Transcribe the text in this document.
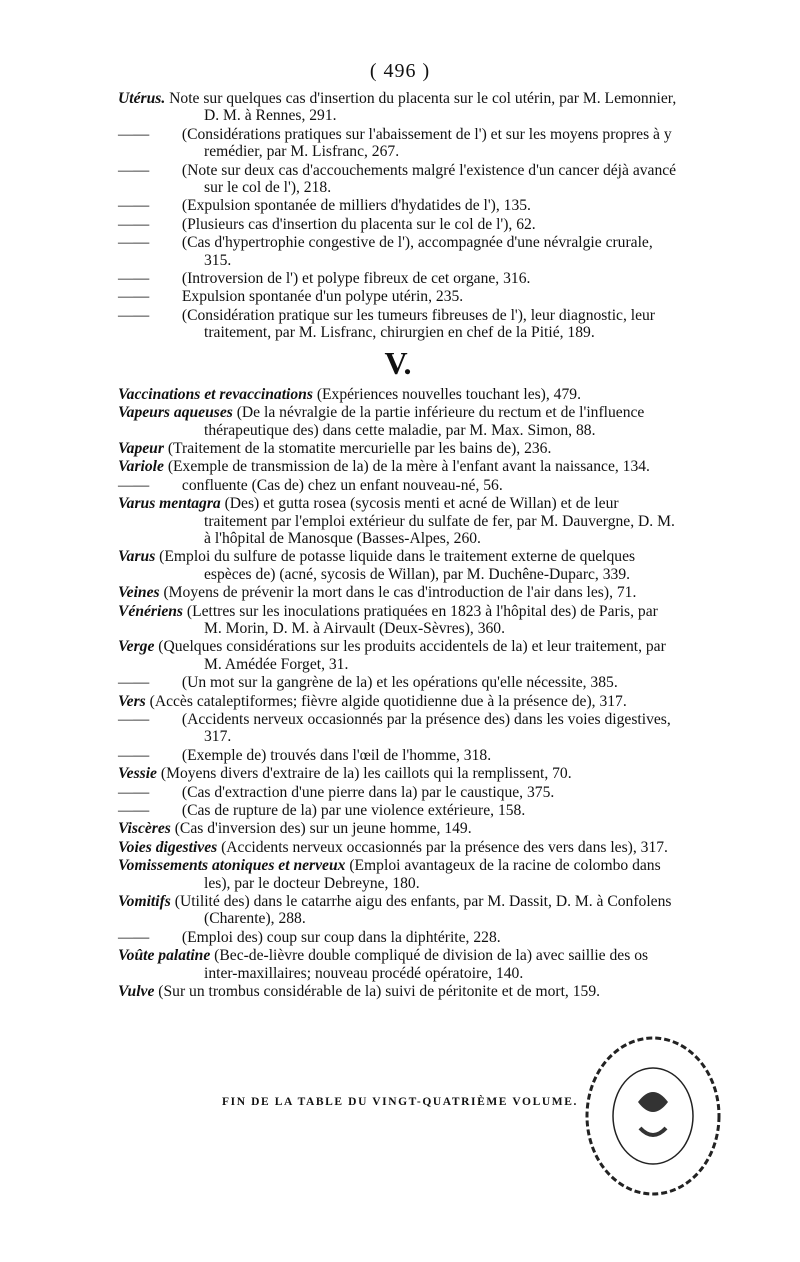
( 496 )
Utérus. Note sur quelques cas d'insertion du placenta sur le col utérin, par M. Lemonnier, D. M. à Rennes, 291.
—— (Considérations pratiques sur l'abaissement de l') et sur les moyens propres à y remédier, par M. Lisfranc, 267.
—— (Note sur deux cas d'accouchements malgré l'existence d'un cancer déjà avancé sur le col de l'), 218.
—— (Expulsion spontanée de milliers d'hydatides de l'), 135.
—— (Plusieurs cas d'insertion du placenta sur le col de l'), 62.
—— (Cas d'hypertrophie congestive de l'), accompagnée d'une névralgie crurale, 315.
—— (Introversion de l') et polype fibreux de cet organe, 316.
—— Expulsion spontanée d'un polype utérin, 235.
—— (Considération pratique sur les tumeurs fibreuses de l'), leur diagnostic, leur traitement, par M. Lisfranc, chirurgien en chef de la Pitié, 189.
V.
Vaccinations et revaccinations (Expériences nouvelles touchant les), 479.
Vapeurs aqueuses (De la névralgie de la partie inférieure du rectum et de l'influence thérapeutique des) dans cette maladie, par M. Max. Simon, 88.
Vapeur (Traitement de la stomatite mercurielle par les bains de), 236.
Variole (Exemple de transmission de la) de la mère à l'enfant avant la naissance, 134.
—— confluente (Cas de) chez un enfant nouveau-né, 56.
Varus mentagra (Des) et gutta rosea (sycosis menti et acné de Willan) et de leur traitement par l'emploi extérieur du sulfate de fer, par M. Dauvergne, D. M. à l'hôpital de Manosque (Basses-Alpes, 260.
Varus (Emploi du sulfure de potasse liquide dans le traitement externe de quelques espèces de) (acné, sycosis de Willan), par M. Duchêne-Duparc, 339.
Veines (Moyens de prévenir la mort dans le cas d'introduction de l'air dans les), 71.
Vénériens (Lettres sur les inoculations pratiquées en 1823 à l'hôpital des) de Paris, par M. Morin, D. M. à Airvault (Deux-Sèvres), 360.
Verge (Quelques considérations sur les produits accidentels de la) et leur traitement, par M. Amédée Forget, 31.
—— (Un mot sur la gangrène de la) et les opérations qu'elle nécessite, 385.
Vers (Accès cataleptiformes; fièvre algide quotidienne due à la présence de), 317.
—— (Accidents nerveux occasionnés par la présence des) dans les voies digestives, 317.
—— (Exemple de) trouvés dans l'œil de l'homme, 318.
Vessie (Moyens divers d'extraire de la) les caillots qui la remplissent, 70.
—— (Cas d'extraction d'une pierre dans la) par le caustique, 375.
—— (Cas de rupture de la) par une violence extérieure, 158.
Viscères (Cas d'inversion des) sur un jeune homme, 149.
Voies digestives (Accidents nerveux occasionnés par la présence des vers dans les), 317.
Vomissements atoniques et nerveux (Emploi avantageux de la racine de colombo dans les), par le docteur Debreyne, 180.
Vomitifs (Utilité des) dans le catarrhe aigu des enfants, par M. Dassit, D. M. à Confolens (Charente), 288.
—— (Emploi des) coup sur coup dans la diphtérite, 228.
Voûte palatine (Bec-de-lièvre double compliqué de division de la) avec saillie des os inter-maxillaires; nouveau procédé opératoire, 140.
Vulve (Sur un trombus considérable de la) suivi de péritonite et de mort, 159.
FIN DE LA TABLE DU VINGT-QUATRIÈME VOLUME.
